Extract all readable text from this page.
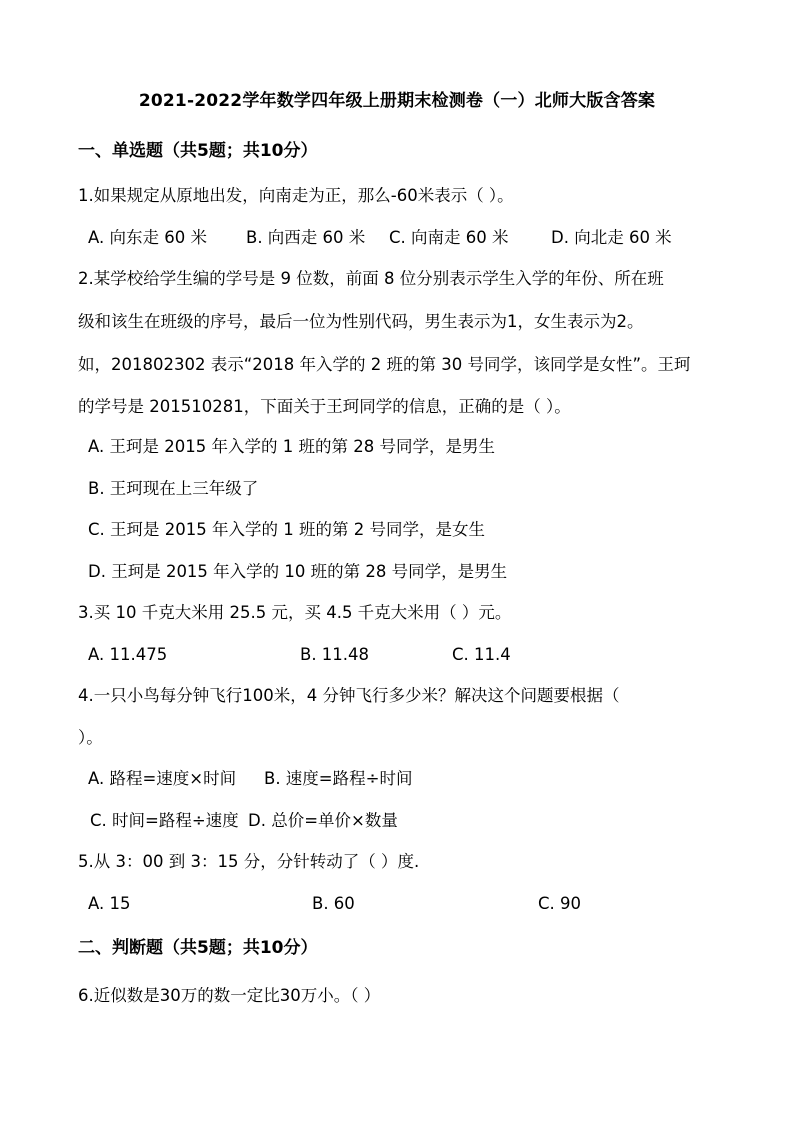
2021-2022学年数学四年级上册期末检测卷（一）北师大版含答案
一、单选题（共5题；共10分）
1.如果规定从原地出发，向南走为正，那么-60米表示（ ）。
A. 向东走 60 米 B. 向西走 60 米 C. 向南走 60 米	D. 向北走 60 米
2.某学校给学生编的学号是 9 位数，前面 8 位分别表示学生入学的年份、所在班
级和该生在班级的序号，最后一位为性别代码，男生表示为1，女生表示为2。
如，201802302 表示“2018 年入学的 2 班的第 30 号同学，该同学是女性”。王珂
的学号是 201510281，下面关于王珂同学的信息，正确的是（ ）。
A. 王珂是 2015 年入学的 1 班的第 28 号同学，是男生
B. 王珂现在上三年级了
C. 王珂是 2015 年入学的 1 班的第 2 号同学，是女生
D. 王珂是 2015 年入学的 10 班的第 28 号同学，是男生
3.买 10 千克大米用 25.5 元，买 4.5 千克大米用（ ）元。
A. 11.475	B. 11.48	C. 11.4
4.一只小鸟每分钟飞行100米，4 分钟飞行多少米？解决这个问题要根据（
）。
A. 路程=速度×时间 B. 速度=路程÷时间
C. 时间=路程÷速度 D. 总价=单价×数量
5.从 3：00 到 3：15 分，分针转动了（ ）度.
A. 15	B. 60	C. 90
二、判断题（共5题；共10分）
6.近似数是30万的数一定比30万小。（ ）
